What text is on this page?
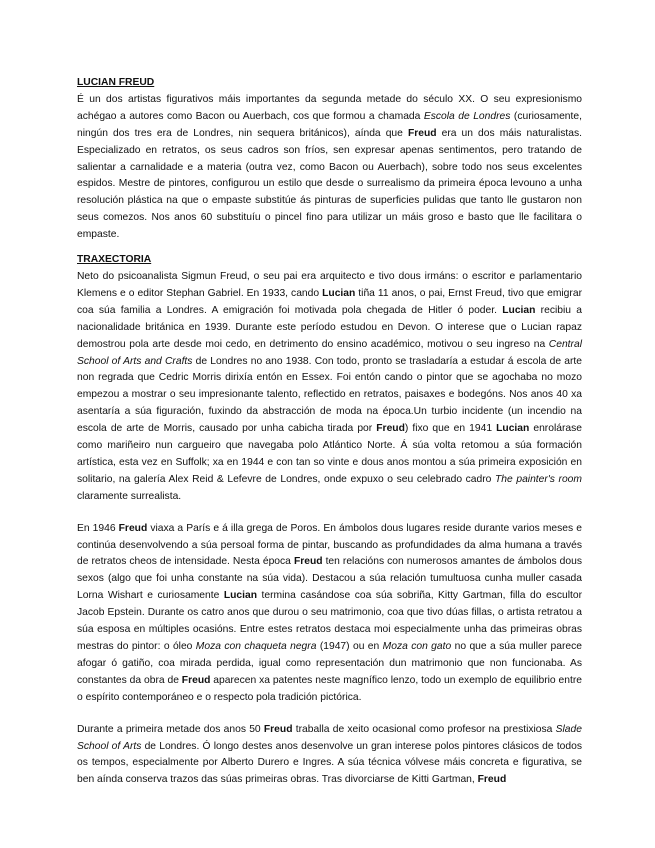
LUCIAN FREUD

É un dos artistas figurativos máis importantes da segunda metade do século XX. O seu expresionismo achégao a autores como Bacon ou Auerbach, cos que formou a chamada Escola de Londres (curiosamente, ningún dos tres era de Londres, nin sequera británicos), aínda que Freud era un dos máis naturalistas. Especializado en retratos, os seus cadros son fríos, sen expresar apenas sentimentos, pero tratando de salientar a carnalidade e a materia (outra vez, como Bacon ou Auerbach), sobre todo nos seus excelentes espidos. Mestre de pintores, configurou un estilo que desde o surrealismo da primeira época levouno a unha resolución plástica na que o empaste substitúe ás pinturas de superficies pulidas que tanto lle gustaron non seus comezos. Nos anos 60 substituíu o pincel fino para utilizar un máis groso e basto que lle facilitara o empaste.

TRAXECTORIA

Neto do psicoanalista Sigmun Freud, o seu pai era arquitecto e tivo dous irmáns: o escritor e parlamentario Klemens e o editor Stephan Gabriel. En 1933, cando Lucian tiña 11 anos, o pai, Ernst Freud, tivo que emigrar coa súa familia a Londres. A emigración foi motivada pola chegada de Hitler ó poder. Lucian recibiu a nacionalidade británica en 1939. Durante este período estudou en Devon. O interese que o Lucian rapaz demostrou pola arte desde moi cedo, en detrimento do ensino académico, motivou o seu ingreso na Central School of Arts and Crafts de Londres no ano 1938. Con todo, pronto se trasladaría a estudar á escola de arte non regrada que Cedric Morris dirixía entón en Essex. Foi entón cando o pintor que se agochaba no mozo empezou a mostrar o seu impresionante talento, reflectido en retratos, paisaxes e bodegóns. Nos anos 40 xa asentaría a súa figuración, fuxindo da abstracción de moda na época.Un turbio incidente (un incendio na escola de arte de Morris, causado por unha cabicha tirada por Freud) fixo que en 1941 Lucian enrolárase como mariñeiro nun cargueiro que navegaba polo Atlántico Norte. Á súa volta retomou a súa formación artística, esta vez en Suffolk; xa en 1944 e con tan so vinte e dous anos montou a súa primeira exposición en solitario, na galería Alex Reid & Lefevre de Londres, onde expuxo o seu celebrado cadro The painter's room claramente surrealista.

En 1946 Freud viaxa a París e á illa grega de Poros. En ámbolos dous lugares reside durante varios meses e continúa desenvolvendo a súa persoal forma de pintar, buscando as profundidades da alma humana a través de retratos cheos de intensidade. Nesta época Freud ten relacións con numerosos amantes de ámbolos dous sexos (algo que foi unha constante na súa vida). Destacou a súa relación tumultuosa cunha muller casada Lorna Wishart e curiosamente Lucian termina casándose coa súa sobriña, Kitty Gartman, filla do escultor Jacob Epstein. Durante os catro anos que durou o seu matrimonio, coa que tivo dúas fillas, o artista retratou a súa esposa en múltiples ocasións. Entre estes retratos destaca moi especialmente unha das primeiras obras mestras do pintor: o óleo Moza con chaqueta negra (1947) ou en Moza con gato no que a súa muller parece afogar ó gatiño, coa mirada perdida, igual como representación dun matrimonio que non funcionaba. As constantes da obra de Freud aparecen xa patentes neste magnífico lenzo, todo un exemplo de equilibrio entre o espírito contemporáneo e o respecto pola tradición pictórica.

Durante a primeira metade dos anos 50 Freud traballa de xeito ocasional como profesor na prestixiosa Slade School of Arts de Londres. Ó longo destes anos desenvolve un gran interese polos pintores clásicos de todos os tempos, especialmente por Alberto Durero e Ingres. A súa técnica vólvese máis concreta e figurativa, se ben aínda conserva trazos das súas primeiras obras. Tras divorciarse de Kitti Gartman, Freud
